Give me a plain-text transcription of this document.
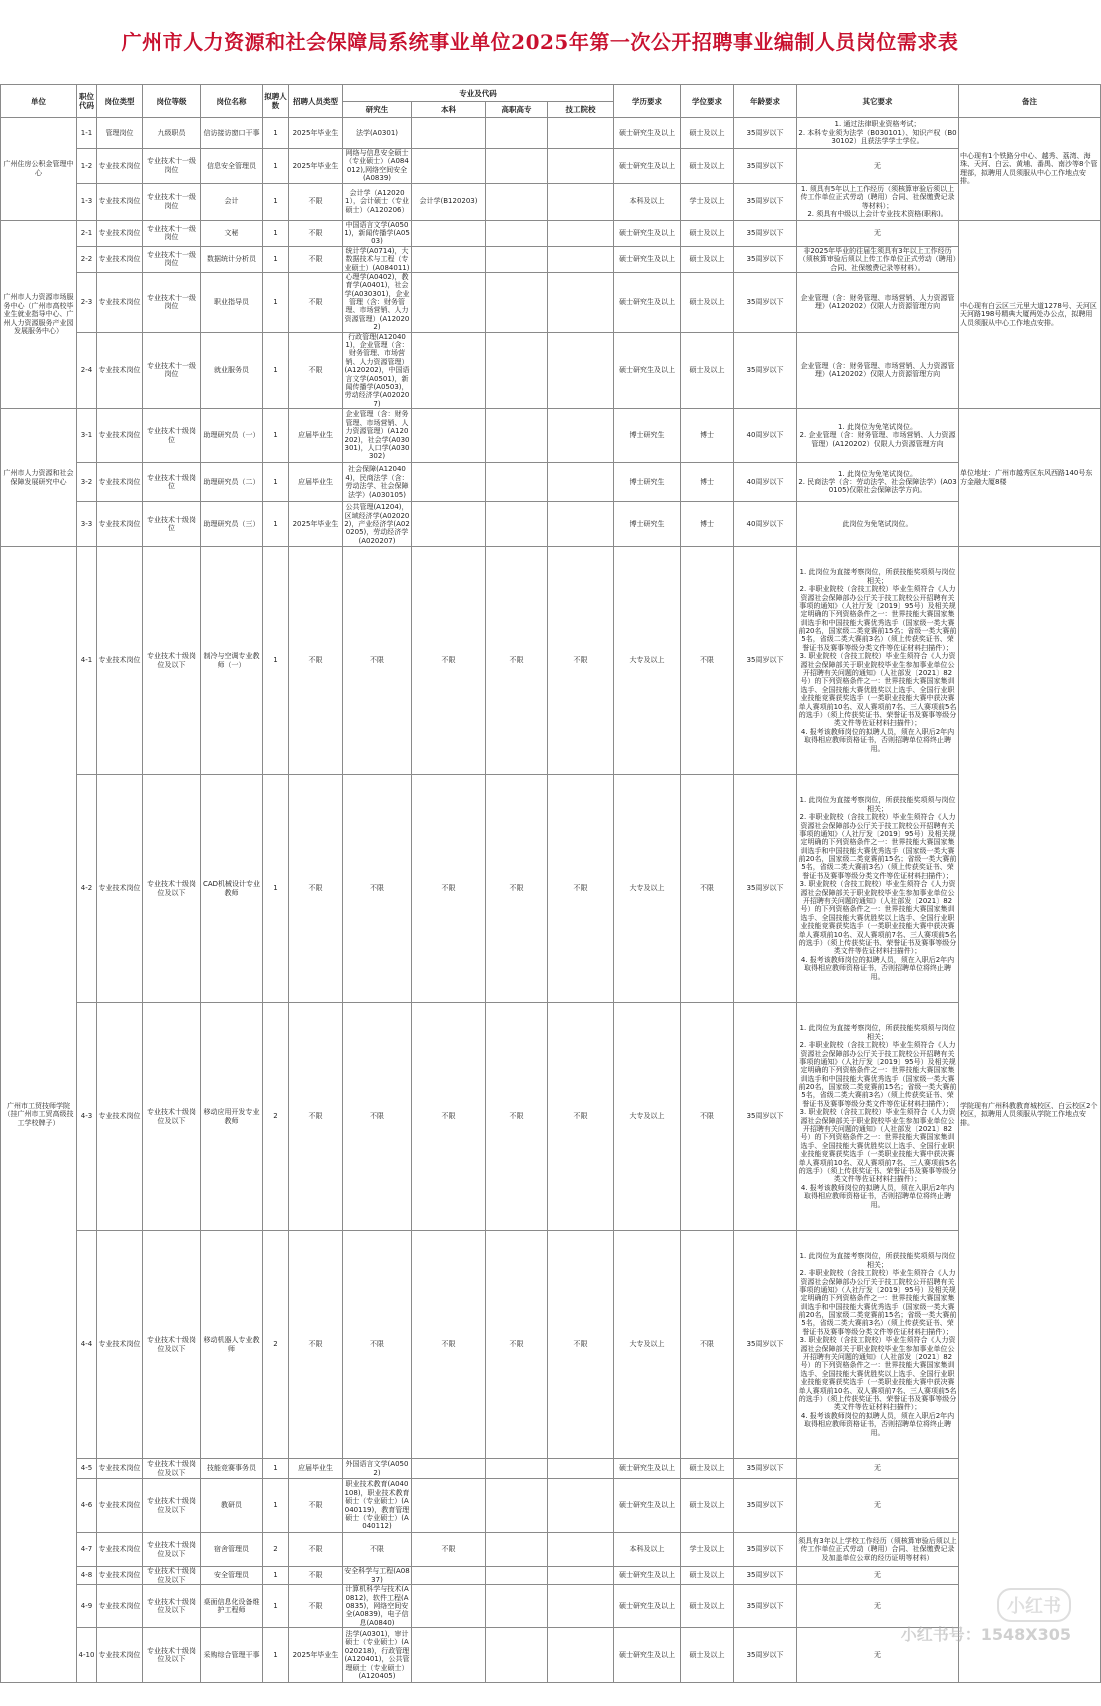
广州市人力资源和社会保障局系统事业单位2025年第一次公开招聘事业编制人员岗位需求表
单位	职位代码	岗位类型	岗位等级	岗位名称	拟聘人数	招聘人员类型	专业及代码				学历要求	学位要求	年龄要求	其它要求	备注
							研究生	本科	高职高专	技工院校					
广州住房公积金管理中心	1-1	管理岗位	九级职员	信访接访窗口干事	1	2025年毕业生	法学(A0301)				硕士研究生及以上	硕士及以上	35周岁以下	1. 通过法律职业资格考试；
2. 本科专业须为法学（B030101）、知识产权（B030102）且获法学学士学位。	中心现有1个铁路分中心、越秀、荔湾、海珠、天河、白云、黄埔、番禺、南沙等8个管理部，拟聘用人员须服从中心工作地点安排。
	1-2	专业技术岗位	专业技术十一级岗位	信息安全管理员	1	2025年毕业生	网络与信息安全硕士（专业硕士）（A084012),网络空间安全(A0839)				硕士研究生及以上	硕士及以上	35周岁以下	无	
	1-3	专业技术岗位	专业技术十一级岗位	会计	1	不限	会计学（A120201），会计硕士（专业硕士）（A120206）	会计学(B120203)			本科及以上	学士及以上	35周岁以下	1. 须具有5年以上工作经历（须核算审验后须以上传工作单位正式劳动（聘用）合同、社保缴费记录等材料）；
2. 须具有中级以上会计专业技术资格(职称)。	
广州市人力资源市场服务中心（广州市高校毕业生就业指导中心、广州人力资源服务产业园发展服务中心）	2-1	专业技术岗位	专业技术十一级岗位	文秘	1	不限	中国语言文学(A0501)，新闻传播学(A0503)				硕士研究生及以上	硕士及以上	35周岁以下	无	中心现有白云区三元里大道1278号、天河区天河路198号精典大厦两处办公点，拟聘用人员须服从中心工作地点安排。
	2-2	专业技术岗位	专业技术十一级岗位	数据统计分析员	1	不限	统计学(A0714)，大数据技术与工程（专业硕士）(A084011)				硕士研究生及以上	硕士及以上	35周岁以下	非2025年毕业的往届生须具有3年以上工作经历（须核算审验后须以上传工作单位正式劳动（聘用）合同、社保缴费记录等材料）。	
	2-3	专业技术岗位	专业技术十一级岗位	职业指导员	1	不限	心理学(A0402)，教育学(A0401)，社会学(A030301)，企业管理（含：财务管理、市场营销、人力资源管理）(A120202)				硕士研究生及以上	硕士及以上	35周岁以下	企业管理（含：财务管理、市场营销、人力资源管理）(A120202）仅限人力资源管理方向	
	2-4	专业技术岗位	专业技术十一级岗位	就业服务员	1	不限	行政管理(A120401)，企业管理（含：财务管理、市场营销、人力资源管理）(A120202)，中国语言文学(A0501)，新闻传播学(A0503)，劳动经济学(A020207)				硕士研究生及以上	硕士及以上	35周岁以下	企业管理（含：财务管理、市场营销、人力资源管理）(A120202）仅限人力资源管理方向	
广州市人力资源和社会保障发展研究中心	3-1	专业技术岗位	专业技术十级岗位	助理研究员（一）	1	应届毕业生	企业管理（含：财务管理、市场营销、人力资源管理）(A120202)，社会学(A030301)，人口学(A030302)				博士研究生	博士	40周岁以下	1. 此岗位为免笔试岗位。
2. 企业管理（含：财务管理、市场营销、人力资源管理）(A120202）仅限人力资源管理方向	单位地址：广州市越秀区东风西路140号东方金融大厦8楼
	3-2	专业技术岗位	专业技术十级岗位	助理研究员（二）	1	应届毕业生	社会保障(A120404)，民商法学（含：劳动法学、社会保障法学）(A030105)				博士研究生	博士	40周岁以下	1. 此岗位为免笔试岗位。
2. 民商法学（含：劳动法学、社会保障法学）(A030105)仅限社会保障法学方向。	
	3-3	专业技术岗位	专业技术十级岗位	助理研究员（三）	1	2025年毕业生	公共管理(A1204)，区域经济学(A020202)，产业经济学(A020205)，劳动经济学(A020207)				博士研究生	博士	40周岁以下	此岗位为免笔试岗位。	
广州市工贸技师学院（挂广州市工贸高级技工学校牌子）	4-1	专业技术岗位	专业技术十级岗位及以下	制冷与空调专业教师（一）	1	不限	不限	不限	不限	不限	大专及以上	不限	35周岁以下	1. 此岗位为直接考察岗位，所获技能奖项须与岗位相关；
2. 非职业院校（含技工院校）毕业生须符合《人力资源社会保障部办公厅关于技工院校公开招聘有关事项的通知》（人社厅发〔2019〕95号）及相关规定明确的下列资格条件之一：世界技能大赛国家集训选手和中国技能大赛优秀选手（国家级一类大赛前20名，国家级二类竞赛前15名；省级一类大赛前5名，省级二类大赛前3名）（须上传获奖证书、荣誉证书及赛事等级分类文件等佐证材料扫描件）；
3. 职业院校（含技工院校）毕业生须符合《人力资源社会保障部关于职业院校毕业生参加事业单位公开招聘有关问题的通知》（人社部发〔2021〕82号）的下列资格条件之一：世界技能大赛国家集训选手、全国技能大赛优胜奖以上选手、全国行业职业技能竞赛获奖选手（一类职业技能大赛中获决赛单人赛项前10名、双人赛项前7名、三人赛项前5名的选手）（须上传获奖证书、荣誉证书及赛事等级分类文件等佐证材料扫描件）；
4. 报考该教师岗位的拟聘人员，须在入职后2年内取得相应教师资格证书，否则招聘单位将终止聘用。	学院现有广州科教教育城校区、白云校区2个校区，拟聘用人员须服从学院工作地点安排。
	4-2	专业技术岗位	专业技术十级岗位及以下	CAD机械设计专业教师	1	不限	不限	不限	不限	不限	大专及以上	不限	35周岁以下	1. 此岗位为直接考察岗位，所获技能奖项须与岗位相关；
2. 非职业院校（含技工院校）毕业生须符合《人力资源社会保障部办公厅关于技工院校公开招聘有关事项的通知》（人社厅发〔2019〕95号）及相关规定明确的下列资格条件之一：世界技能大赛国家集训选手和中国技能大赛优秀选手（国家级一类大赛前20名，国家级二类竞赛前15名；省级一类大赛前5名，省级二类大赛前3名）（须上传获奖证书、荣誉证书及赛事等级分类文件等佐证材料扫描件）；
3. 职业院校（含技工院校）毕业生须符合《人力资源社会保障部关于职业院校毕业生参加事业单位公开招聘有关问题的通知》（人社部发〔2021〕82号）的下列资格条件之一：世界技能大赛国家集训选手、全国技能大赛优胜奖以上选手、全国行业职业技能竞赛获奖选手（一类职业技能大赛中获决赛单人赛项前10名、双人赛项前7名、三人赛项前5名的选手）（须上传获奖证书、荣誉证书及赛事等级分类文件等佐证材料扫描件）；
4. 报考该教师岗位的拟聘人员，须在入职后2年内取得相应教师资格证书，否则招聘单位将终止聘用。	
	4-3	专业技术岗位	专业技术十级岗位及以下	移动应用开发专业教师	2	不限	不限	不限	不限	不限	大专及以上	不限	35周岁以下	1. 此岗位为直接考察岗位，所获技能奖项须与岗位相关；
2. 非职业院校（含技工院校）毕业生须符合《人力资源社会保障部办公厅关于技工院校公开招聘有关事项的通知》（人社厅发〔2019〕95号）及相关规定明确的下列资格条件之一：世界技能大赛国家集训选手和中国技能大赛优秀选手（国家级一类大赛前20名，国家级二类竞赛前15名；省级一类大赛前5名，省级二类大赛前3名）（须上传获奖证书、荣誉证书及赛事等级分类文件等佐证材料扫描件）；
3. 职业院校（含技工院校）毕业生须符合《人力资源社会保障部关于职业院校毕业生参加事业单位公开招聘有关问题的通知》（人社部发〔2021〕82号）的下列资格条件之一：世界技能大赛国家集训选手、全国技能大赛优胜奖以上选手、全国行业职业技能竞赛获奖选手（一类职业技能大赛中获决赛单人赛项前10名、双人赛项前7名、三人赛项前5名的选手）（须上传获奖证书、荣誉证书及赛事等级分类文件等佐证材料扫描件）；
4. 报考该教师岗位的拟聘人员，须在入职后2年内取得相应教师资格证书，否则招聘单位将终止聘用。	
	4-4	专业技术岗位	专业技术十级岗位及以下	移动机器人专业教师	2	不限	不限	不限	不限	不限	大专及以上	不限	35周岁以下	1. 此岗位为直接考察岗位，所获技能奖项须与岗位相关；
2. 非职业院校（含技工院校）毕业生须符合《人力资源社会保障部办公厅关于技工院校公开招聘有关事项的通知》（人社厅发〔2019〕95号）及相关规定明确的下列资格条件之一：世界技能大赛国家集训选手和中国技能大赛优秀选手（国家级一类大赛前20名，国家级二类竞赛前15名；省级一类大赛前5名，省级二类大赛前3名）（须上传获奖证书、荣誉证书及赛事等级分类文件等佐证材料扫描件）；
3. 职业院校（含技工院校）毕业生须符合《人力资源社会保障部关于职业院校毕业生参加事业单位公开招聘有关问题的通知》（人社部发〔2021〕82号）的下列资格条件之一：世界技能大赛国家集训选手、全国技能大赛优胜奖以上选手、全国行业职业技能竞赛获奖选手（一类职业技能大赛中获决赛单人赛项前10名、双人赛项前7名、三人赛项前5名的选手）（须上传获奖证书、荣誉证书及赛事等级分类文件等佐证材料扫描件）；
4. 报考该教师岗位的拟聘人员，须在入职后2年内取得相应教师资格证书，否则招聘单位将终止聘用。	
	4-5	专业技术岗位	专业技术十级岗位及以下	技能竞赛事务员	1	应届毕业生	外国语言文学(A0502)				硕士研究生及以上	硕士及以上	35周岁以下	无	
	4-6	专业技术岗位	专业技术十级岗位及以下	教研员	1	不限	职业技术教育(A040108)，职业技术教育硕士（专业硕士）(A040119)，教育管理硕士（专业硕士）(A040112)				硕士研究生及以上	硕士及以上	35周岁以下	无	
	4-7	专业技术岗位	专业技术十级岗位及以下	宿舍管理员	2	不限	不限	不限			本科及以上	学士及以上	35周岁以下	须具有3年以上学校工作经历（须核算审验后须以上传工作单位正式劳动（聘用）合同、社保缴费记录及加盖单位公章的经历证明等材料）	
	4-8	专业技术岗位	专业技术十级岗位及以下	安全管理员	1	不限	安全科学与工程(A0837)				硕士研究生及以上	硕士及以上	35周岁以下	无	
	4-9	专业技术岗位	专业技术十级岗位及以下	桌面信息化设备维护工程师	1	不限	计算机科学与技术(A0812)，软件工程(A0835)，网络空间安全(A0839)，电子信息(A0840)				硕士研究生及以上	硕士及以上	35周岁以下	无	
	4-10	专业技术岗位	专业技术十级岗位及以下	采购综合管理干事	1	2025年毕业生	法学(A0301)，审计硕士（专业硕士）(A020218)，行政管理(A120401)，公共管理硕士（专业硕士）(A120405)				硕士研究生及以上	硕士及以上	35周岁以下	无	
小红书
小红书号：1548X305
